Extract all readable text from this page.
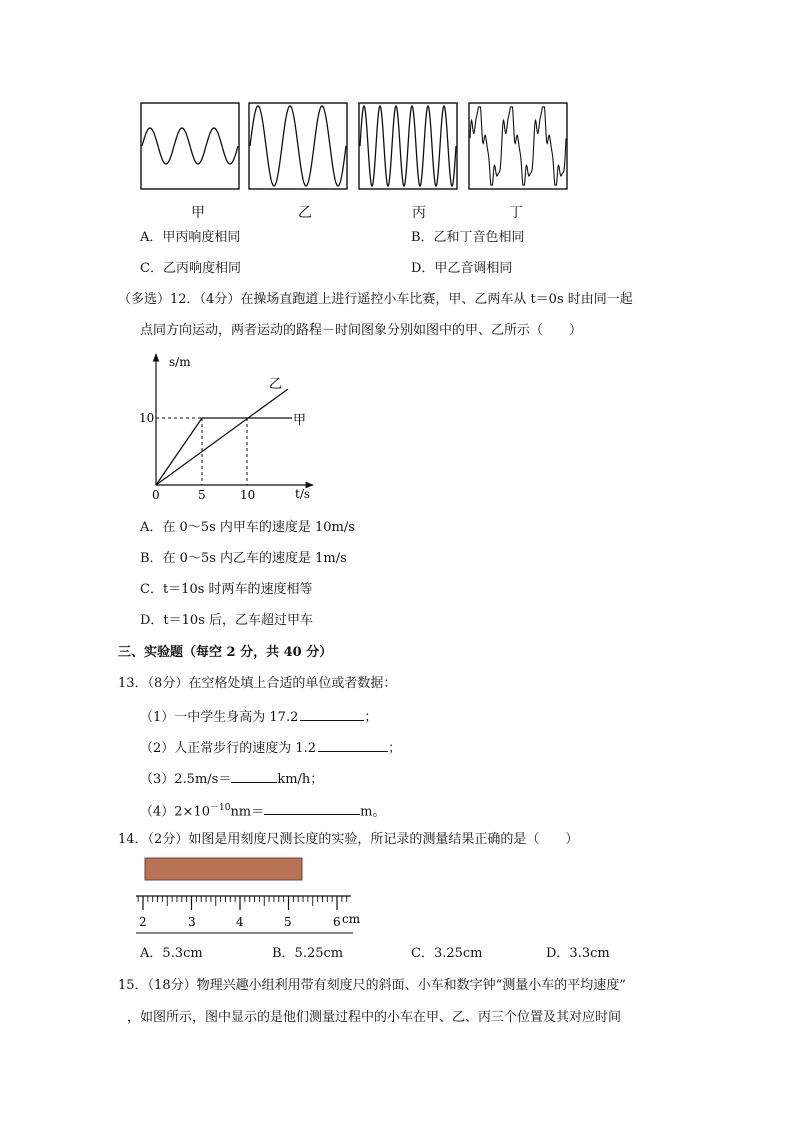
甲	乙	丙	丁
A．甲丙响度相同	B．乙和丁音色相同
C．乙丙响度相同	D．甲乙音调相同
（多选）12．（4分）在操场直跑道上进行遥控小车比赛，甲、乙两车从 t＝0s 时由同一起
点同方向运动，两者运动的路程－时间图象分别如图中的甲、乙所示（　　）
s/m
t/s
0
10
5	10
甲
乙
A．在 0～5s 内甲车的速度是 10m/s
B．在 0～5s 内乙车的速度是 1m/s
C．t＝10s 时两车的速度相等
D．t＝10s 后，乙车超过甲车
三、实验题（每空 2 分，共 40 分）
13．（8分）在空格处填上合适的单位或者数据：
（1）一中学生身高为 17.2	；
（2）人正常步行的速度为 1.2	；
（3）2.5m/s＝	km/h；
$(4)2\times 10^{-10}nm=$	m。
14．（2分）如图是用刻度尺测长度的实验，所记录的测量结果正确的是（　　）
2	3	4	5	6 cm
A．5.3cm	B．5.25cm	C．3.25cm	D．3.3cm
15．（18分）物理兴趣小组利用带有刻度尺的斜面、小车和数字钟“测量小车的平均速度”
，如图所示，图中显示的是他们测量过程中的小车在甲、乙、丙三个位置及其对应时间
